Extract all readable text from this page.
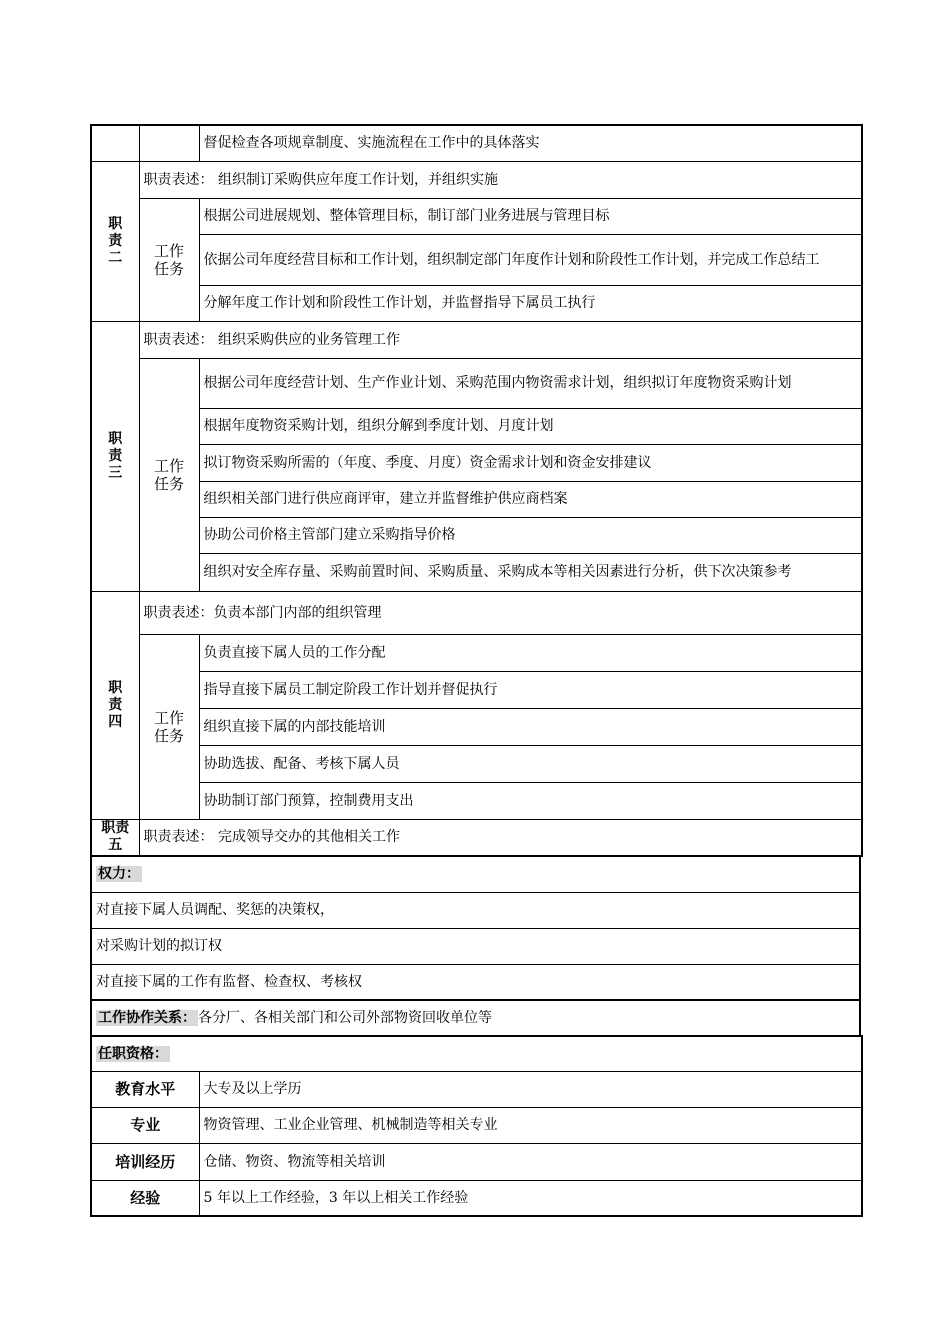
		督促检查各项规章制度、实施流程在工作中的具体落实

职责二	职责表述： 组织制订采购供应年度工作计划，并组织实施	

	工作任务	根据公司进展规划、整体管理目标，制订部门业务进展与管理目标
		依据公司年度经营目标和工作计划，组织制定部门年度作计划和阶段性工作计划，并完成工作总结工
		分解年度工作计划和阶段性工作计划，并监督指导下属员工执行

职责三	职责表述： 组织采购供应的业务管理工作	

	工作任务	根据公司年度经营计划、生产作业计划、采购范围内物资需求计划，组织拟订年度物资采购计划
		根据年度物资采购计划，组织分解到季度计划、月度计划
		拟订物资采购所需的（年度、季度、月度）资金需求计划和资金安排建议
		组织相关部门进行供应商评审，建立并监督维护供应商档案
		协助公司价格主管部门建立采购指导价格
		组织对安全库存量、采购前置时间、采购质量、采购成本等相关因素进行分析，供下次决策参考

职责四	职责表述：负责本部门内部的组织管理	

	工作任务	负责直接下属人员的工作分配
		指导直接下属员工制定阶段工作计划并督促执行
		组织直接下属的内部技能培训
		协助选拔、配备、考核下属人员
		协助制订部门预算，控制费用支出

职责五	职责表述： 完成领导交办的其他相关工作	
权力：
对直接下属人员调配、奖惩的决策权，
对采购计划的拟订权
对直接下属的工作有监督、检查权、考核权
工作协作关系： 各分厂、各相关部门和公司外部物资回收单位等
任职资格：	
教育水平	大专及以上学历
专业	物资管理、工业企业管理、机械制造等相关专业
培训经历	仓储、物资、物流等相关培训
经验	5 年以上工作经验，3 年以上相关工作经验
